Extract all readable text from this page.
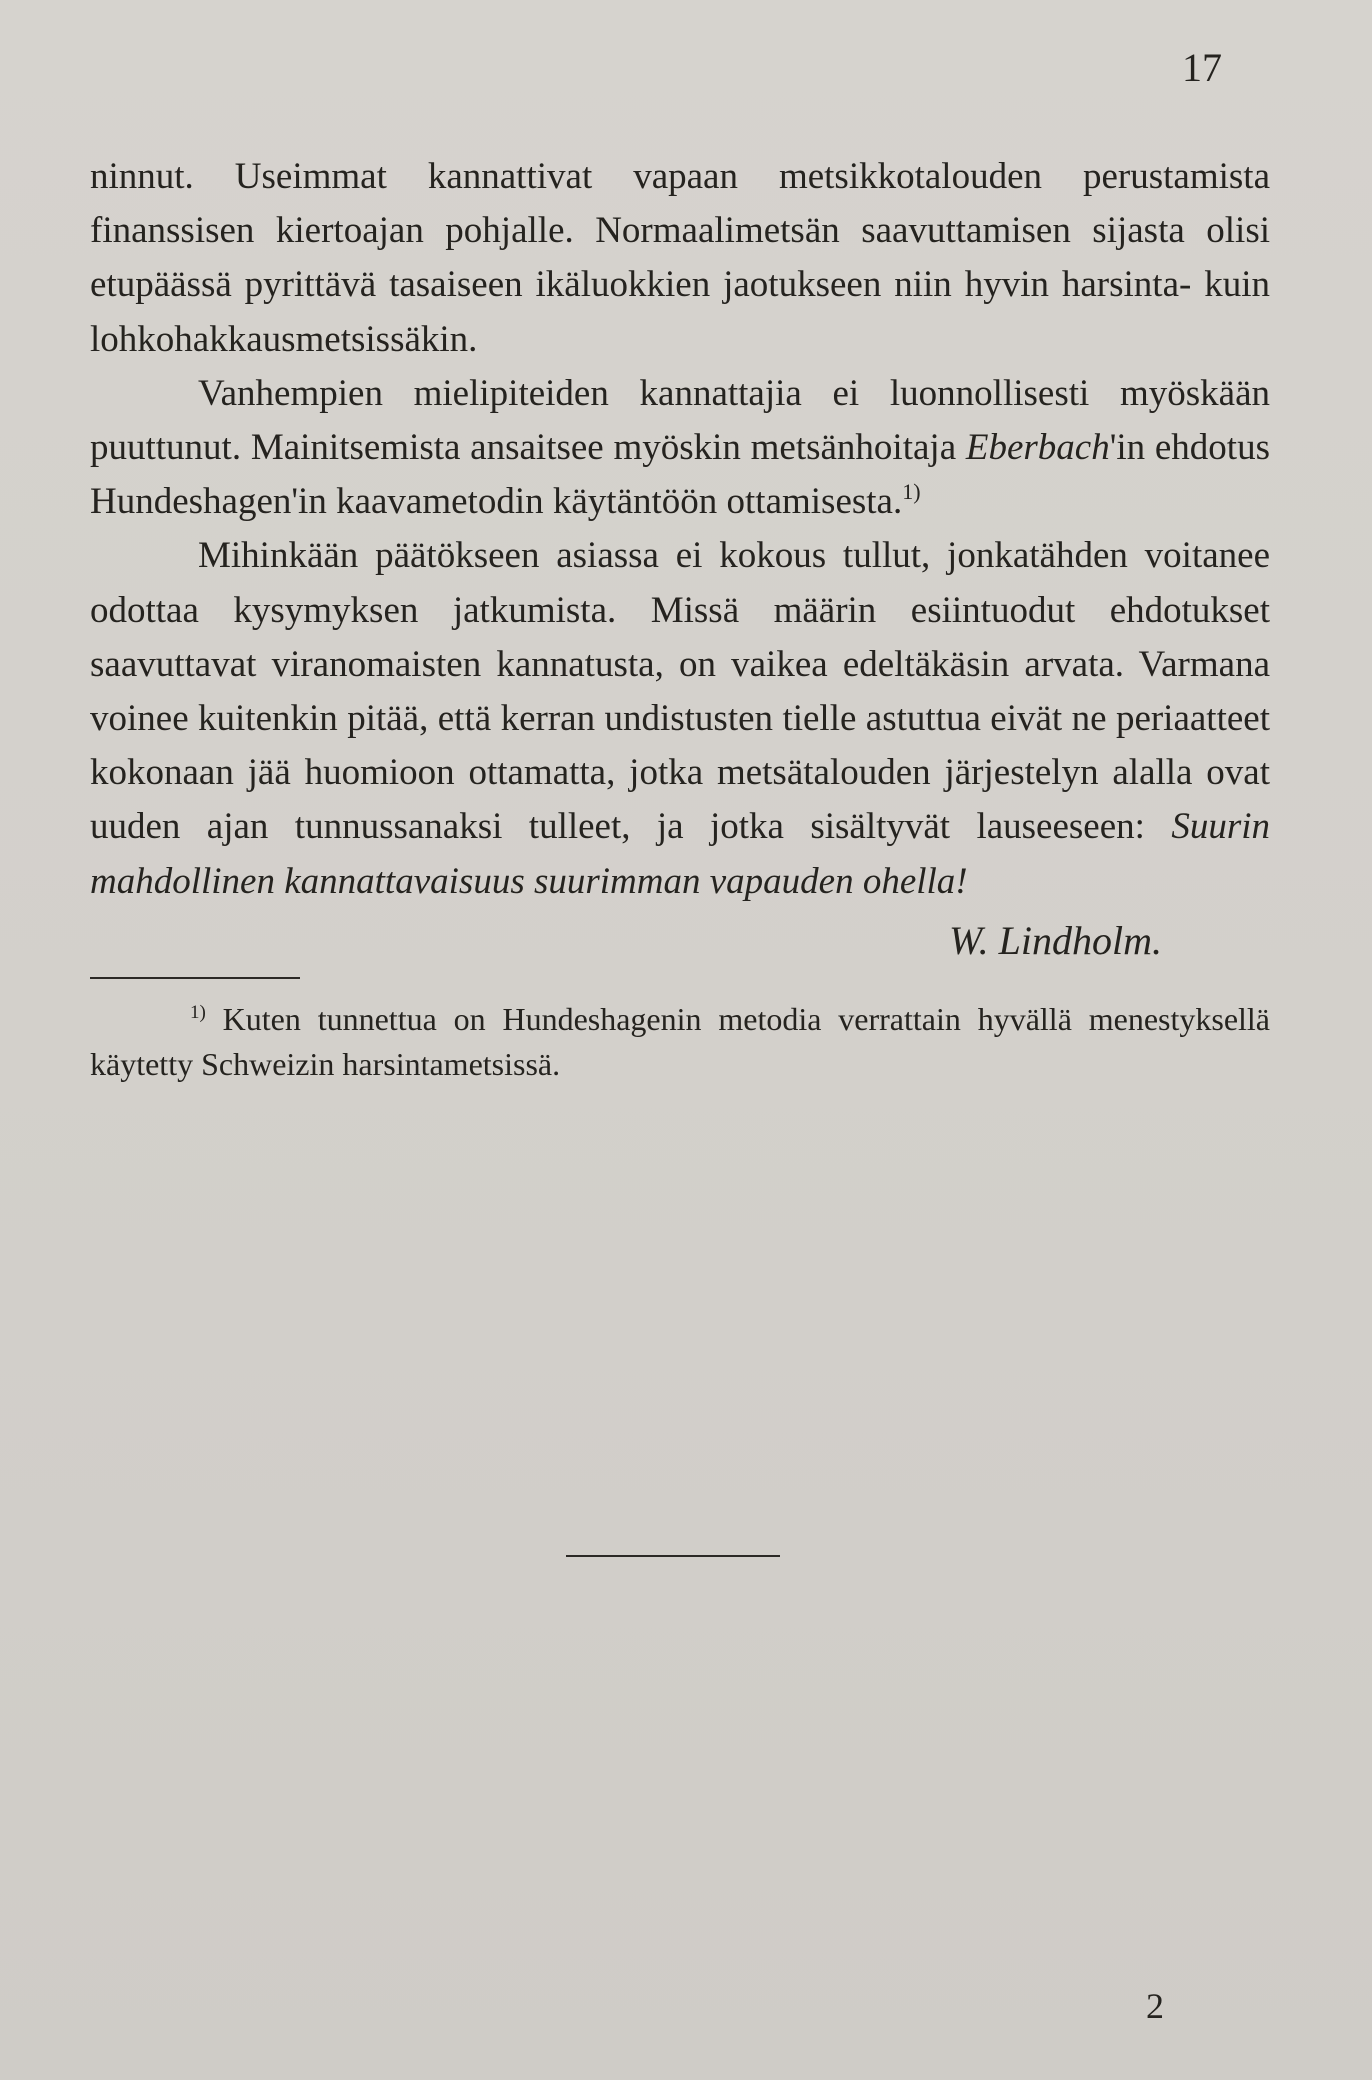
17

ninnut. Useimmat kannattivat vapaan metsikkotalouden perustamista finanssisen kiertoajan pohjalle. Normaalimetsän saavuttamisen sijasta olisi etupäässä pyrittävä tasaiseen ikäluokkien jaotukseen niin hyvin harsinta- kuin lohkohakkausmetsissäkin.

Vanhempien mielipiteiden kannattajia ei luonnollisesti myöskään puuttunut. Mainitsemista ansaitsee myöskin metsänhoitaja Eberbach'in ehdotus Hundeshagen'in kaavametodin käytäntöön ottamisesta.$^{1)}$

Mihinkään päätökseen asiassa ei kokous tullut, jonkatähden voitanee odottaa kysymyksen jatkumista. Missä määrin esiintuodut ehdotukset saavuttavat viranomaisten kannatusta, on vaikea edeltäkäsin arvata. Varmana voinee kuitenkin pitää, että kerran undistusten tielle astuttua eivät ne periaatteet kokonaan jää huomioon ottamatta, jotka metsätalouden järjestelyn alalla ovat uuden ajan tunnussanaksi tulleet, ja jotka sisältyvät lauseeseen: Suurin mahdollinen kannattavaisuus suurimman vapauden ohella!

W. Lindholm.

$^{1)}$ Kuten tunnettua on Hundeshagenin metodia verrattain hyvällä menestyksellä käytetty Schweizin harsintametsissä.

2
